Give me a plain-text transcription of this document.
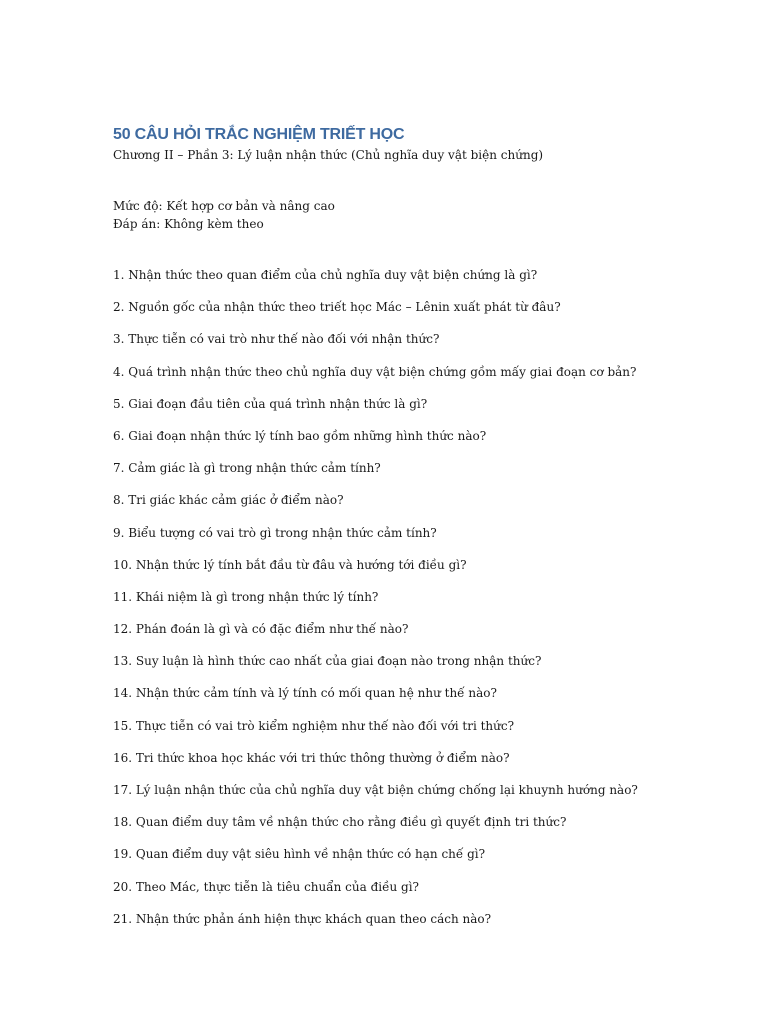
50 CÂU HỎI TRẮC NGHIỆM TRIẾT HỌC

Chương II – Phần 3: Lý luận nhận thức (Chủ nghĩa duy vật biện chứng)

Mức độ: Kết hợp cơ bản và nâng cao
Đáp án: Không kèm theo
1. Nhận thức theo quan điểm của chủ nghĩa duy vật biện chứng là gì?
2. Nguồn gốc của nhận thức theo triết học Mác – Lênin xuất phát từ đâu?
3. Thực tiễn có vai trò như thế nào đối với nhận thức?
4. Quá trình nhận thức theo chủ nghĩa duy vật biện chứng gồm mấy giai đoạn cơ bản?
5. Giai đoạn đầu tiên của quá trình nhận thức là gì?
6. Giai đoạn nhận thức lý tính bao gồm những hình thức nào?
7. Cảm giác là gì trong nhận thức cảm tính?
8. Tri giác khác cảm giác ở điểm nào?
9. Biểu tượng có vai trò gì trong nhận thức cảm tính?
10. Nhận thức lý tính bắt đầu từ đâu và hướng tới điều gì?
11. Khái niệm là gì trong nhận thức lý tính?
12. Phán đoán là gì và có đặc điểm như thế nào?
13. Suy luận là hình thức cao nhất của giai đoạn nào trong nhận thức?
14. Nhận thức cảm tính và lý tính có mối quan hệ như thế nào?
15. Thực tiễn có vai trò kiểm nghiệm như thế nào đối với tri thức?
16. Tri thức khoa học khác với tri thức thông thường ở điểm nào?
17. Lý luận nhận thức của chủ nghĩa duy vật biện chứng chống lại khuynh hướng nào?
18. Quan điểm duy tâm về nhận thức cho rằng điều gì quyết định tri thức?
19. Quan điểm duy vật siêu hình về nhận thức có hạn chế gì?
20. Theo Mác, thực tiễn là tiêu chuẩn của điều gì?
21. Nhận thức phản ánh hiện thực khách quan theo cách nào?
